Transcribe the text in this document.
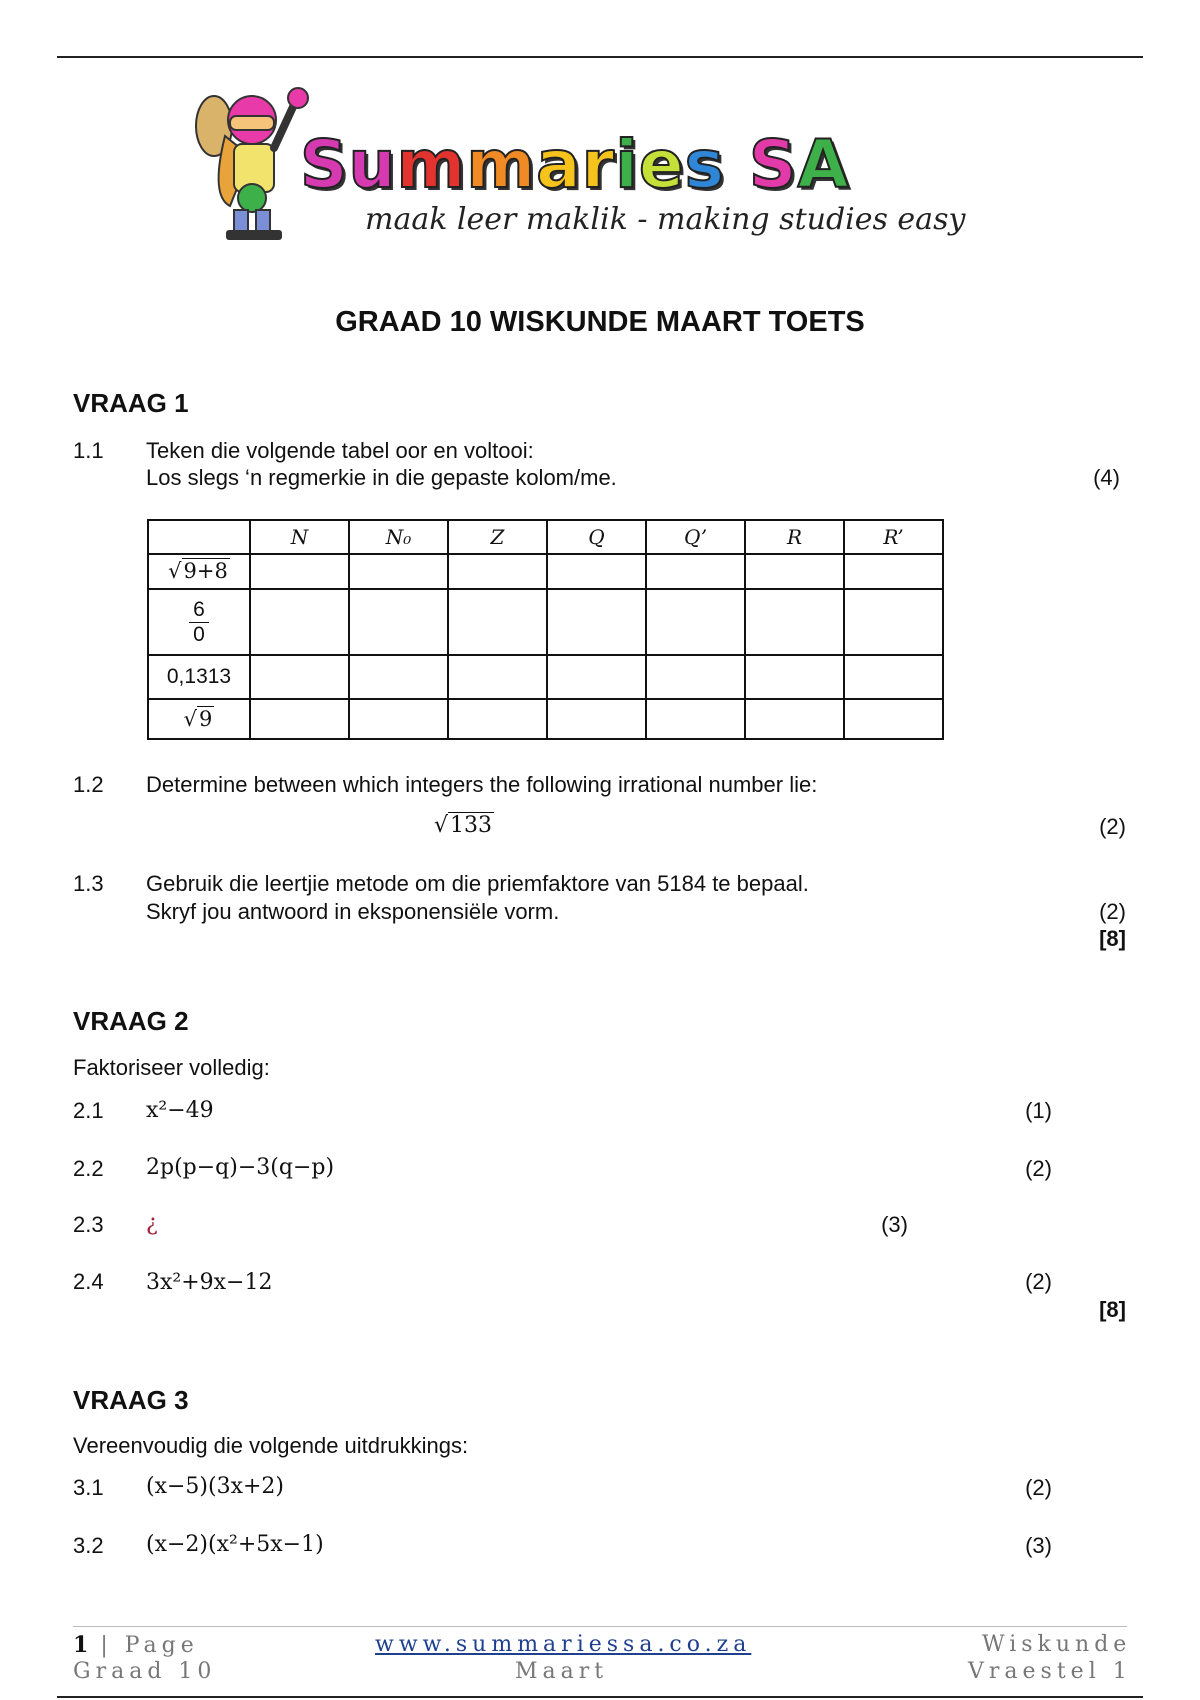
Summaries SA
maak leer maklik - making studies easy
GRAAD 10 WISKUNDE MAART TOETS
VRAAG 1
1.1 Teken die volgende tabel oor en voltooi:
Los slegs ‘n regmerkie in die gepaste kolom/me.	(4)
	N	N₀	Z	Q	Q’	R	R’
√9+8							

$\frac{6}{0}$

0,1313							
√9							
1.2 Determine between which integers the following irrational number lie:
√133	(2)
1.3 Gebruik die leertjie metode om die priemfaktore van 5184 te bepaal.
Skryf jou antwoord in eksponensiële vorm.	(2)
[8]
VRAAG 2
Faktoriseer volledig:
2.1 x²−49	(1)
2.2 2p(p−q)−3(q−p)	(2)
2.3 ¿	(3)
2.4 3x²+9x−12	(2)
[8]
VRAAG 3
Vereenvoudig die volgende uitdrukkings:
3.1 (x−5)(3x+2)	(2)
3.2 (x−2)(x²+5x−1)	(3)
1 | Page
Graad 10
www.summariessa.co.za
Maart
Wiskunde
Vraestel 1
